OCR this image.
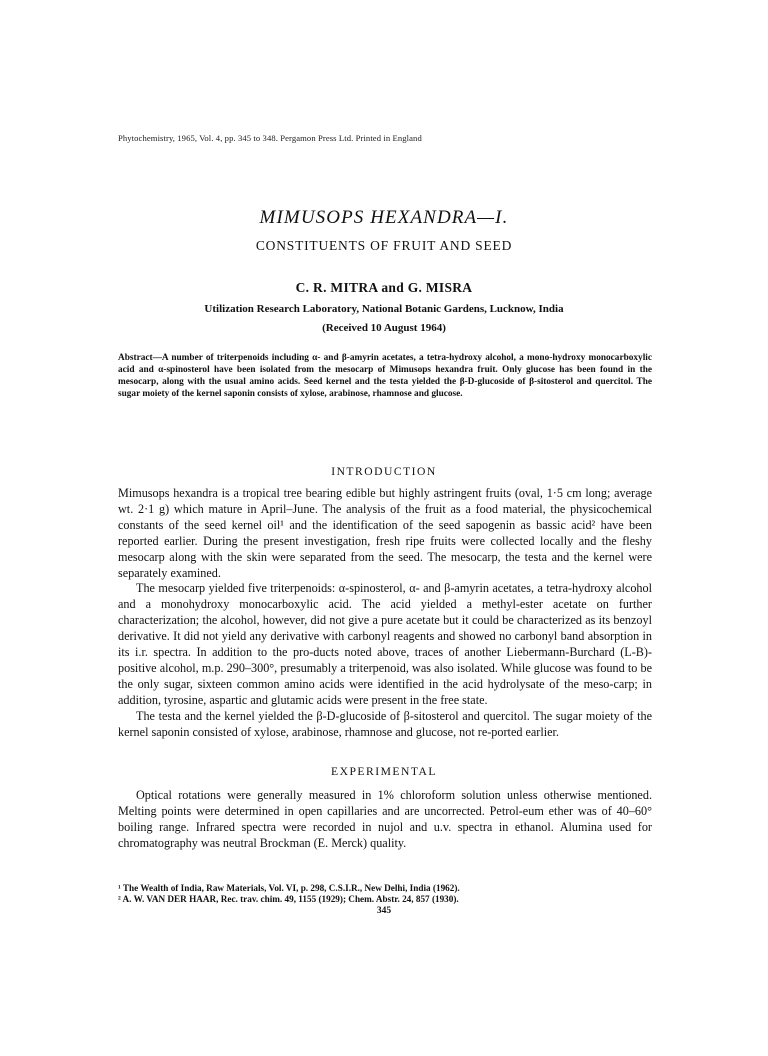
Phytochemistry, 1965, Vol. 4, pp. 345 to 348. Pergamon Press Ltd. Printed in England
MIMUSOPS HEXANDRA—I.
CONSTITUENTS OF FRUIT AND SEED
C. R. MITRA and G. MISRA
Utilization Research Laboratory, National Botanic Gardens, Lucknow, India
(Received 10 August 1964)
Abstract—A number of triterpenoids including α- and β-amyrin acetates, a tetra-hydroxy alcohol, a mono-hydroxy monocarboxylic acid and α-spinosterol have been isolated from the mesocarp of Mimusops hexandra fruit. Only glucose has been found in the mesocarp, along with the usual amino acids. Seed kernel and the testa yielded the β-D-glucoside of β-sitosterol and quercitol. The sugar moiety of the kernel saponin consists of xylose, arabinose, rhamnose and glucose.
INTRODUCTION

Mimusops hexandra is a tropical tree bearing edible but highly astringent fruits (oval, 1·5 cm long; average wt. 2·1 g) which mature in April–June. The analysis of the fruit as a food material, the physicochemical constants of the seed kernel oil¹ and the identification of the seed sapogenin as bassic acid² have been reported earlier. During the present investigation, fresh ripe fruits were collected locally and the fleshy mesocarp along with the skin were separated from the seed. The mesocarp, the testa and the kernel were separately examined.

The mesocarp yielded five triterpenoids: α-spinosterol, α- and β-amyrin acetates, a tetra-hydroxy alcohol and a monohydroxy monocarboxylic acid. The acid yielded a methyl-ester acetate on further characterization; the alcohol, however, did not give a pure acetate but it could be characterized as its benzoyl derivative. It did not yield any derivative with carbonyl reagents and showed no carbonyl band absorption in its i.r. spectra. In addition to the pro-ducts noted above, traces of another Liebermann-Burchard (L-B)-positive alcohol, m.p. 290–300°, presumably a triterpenoid, was also isolated. While glucose was found to be the only sugar, sixteen common amino acids were identified in the acid hydrolysate of the meso-carp; in addition, tyrosine, aspartic and glutamic acids were present in the free state.

The testa and the kernel yielded the β-D-glucoside of β-sitosterol and quercitol. The sugar moiety of the kernel saponin consisted of xylose, arabinose, rhamnose and glucose, not re-ported earlier.

EXPERIMENTAL

Optical rotations were generally measured in 1% chloroform solution unless otherwise mentioned. Melting points were determined in open capillaries and are uncorrected. Petrol-eum ether was of 40–60° boiling range. Infrared spectra were recorded in nujol and u.v. spectra in ethanol. Alumina used for chromatography was neutral Brockman (E. Merck) quality.

¹ The Wealth of India, Raw Materials, Vol. VI, p. 298, C.S.I.R., New Delhi, India (1962).
² A. W. VAN DER HAAR, Rec. trav. chim. 49, 1155 (1929); Chem. Abstr. 24, 857 (1930).
345
